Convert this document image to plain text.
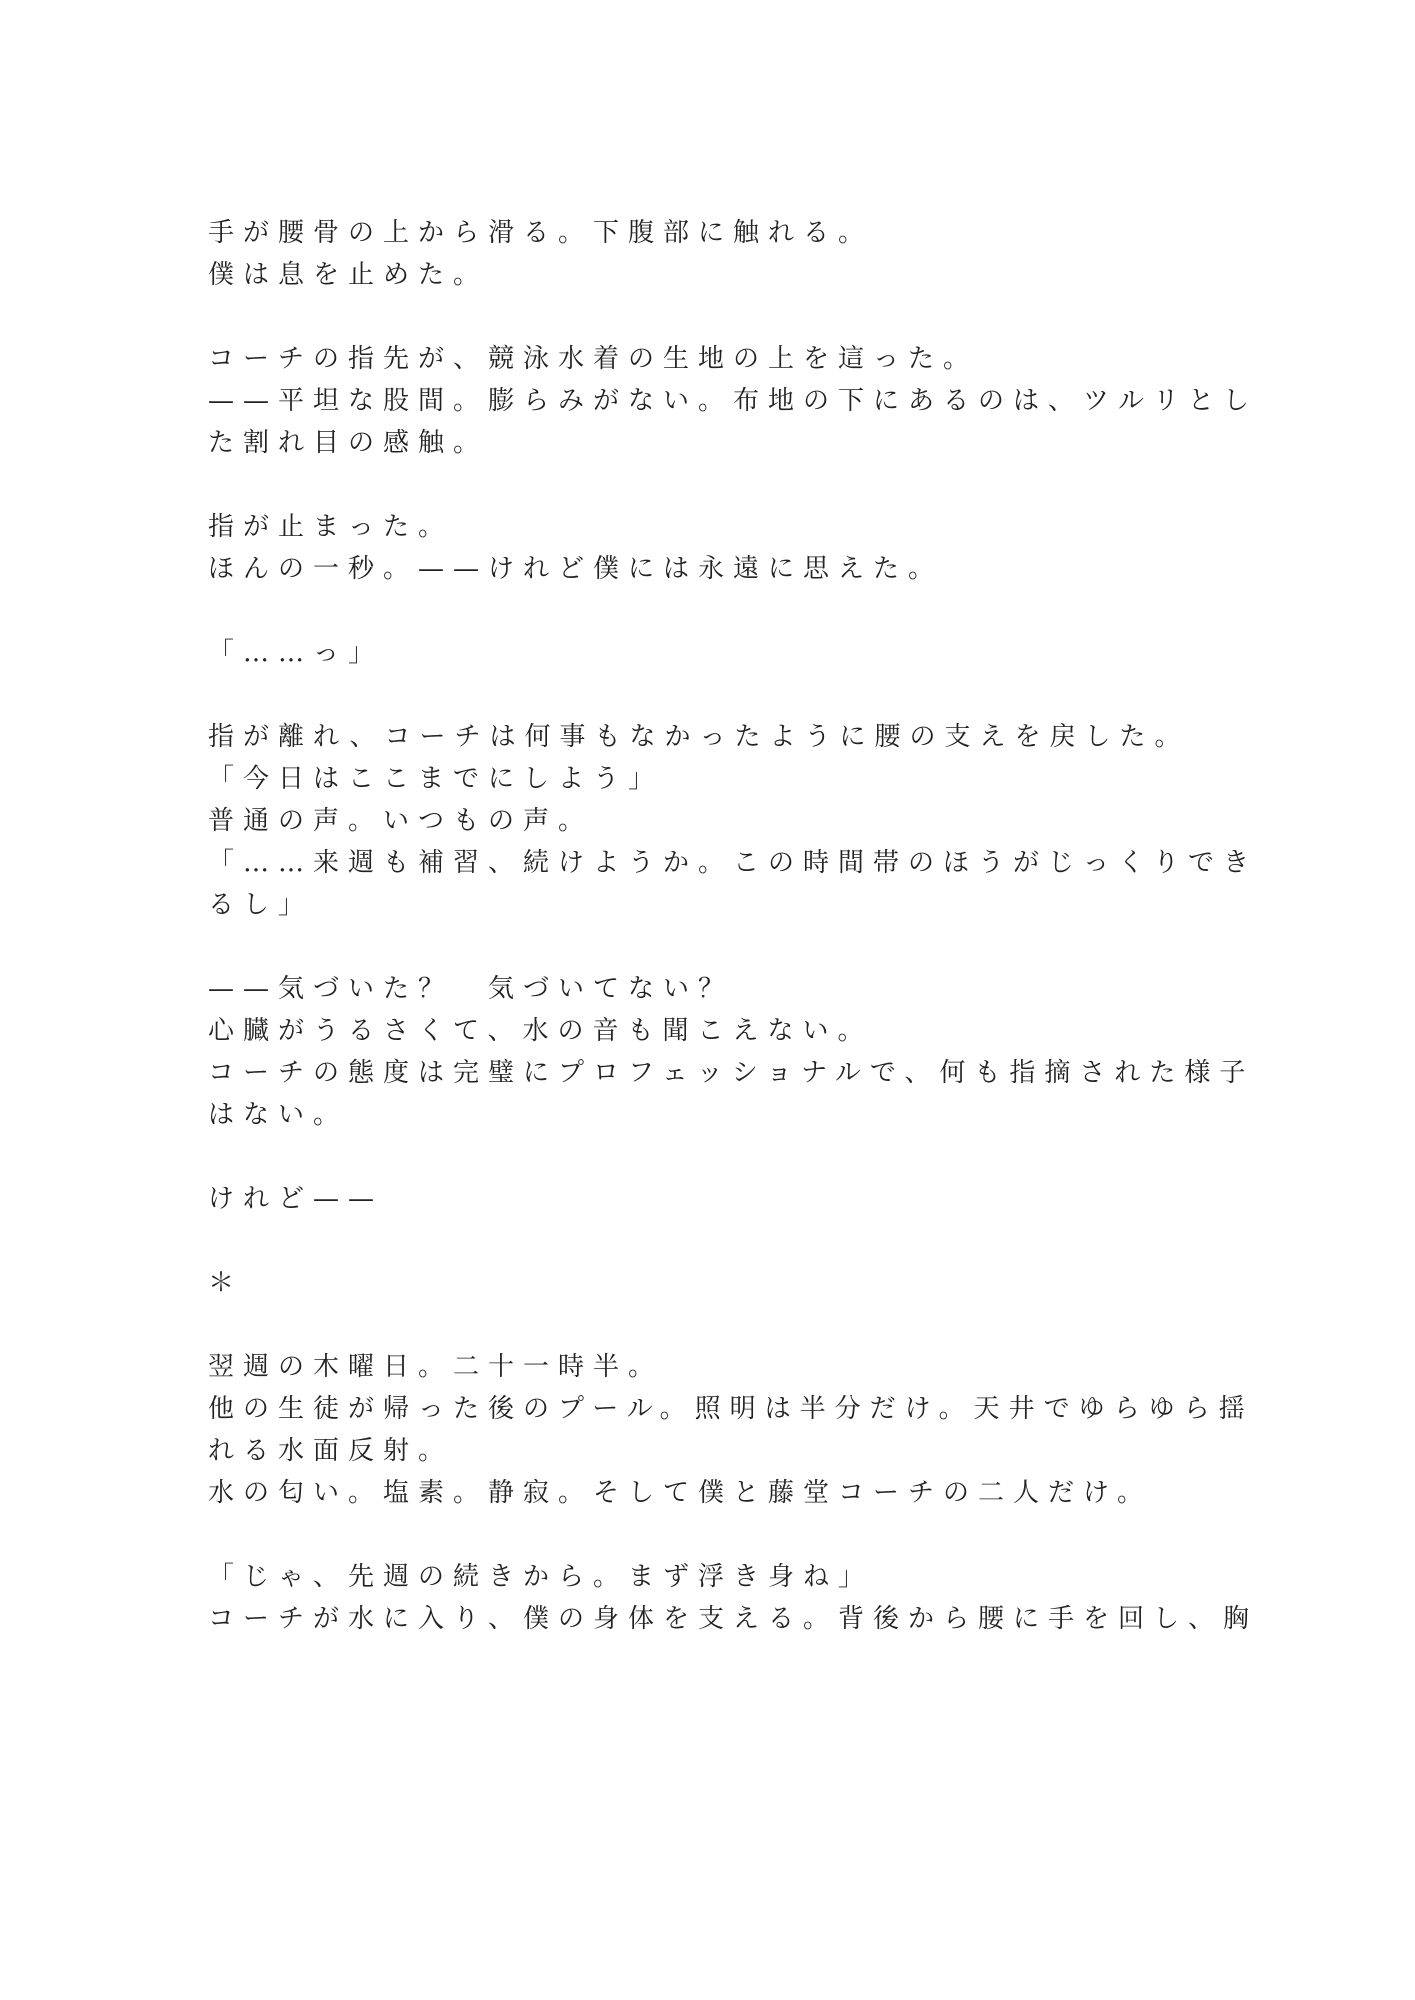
手が腰骨の上から滑る。下腹部に触れる。
僕は息を止めた。
コーチの指先が、競泳水着の生地の上を這った。
——平坦な股間。膨らみがない。布地の下にあるのは、ツルリとし
た割れ目の感触。
指が止まった。
ほんの一秒。——けれど僕には永遠に思えた。
「……っ」
指が離れ、コーチは何事もなかったように腰の支えを戻した。
「今日はここまでにしよう」
普通の声。いつもの声。
「……来週も補習、続けようか。この時間帯のほうがじっくりでき
るし」
——気づいた？　気づいてない？
心臓がうるさくて、水の音も聞こえない。
コーチの態度は完璧にプロフェッショナルで、何も指摘された様子
はない。
けれど——
＊
翌週の木曜日。二十一時半。
他の生徒が帰った後のプール。照明は半分だけ。天井でゆらゆら揺
れる水面反射。
水の匂い。塩素。静寂。そして僕と藤堂コーチの二人だけ。
「じゃ、先週の続きから。まず浮き身ね」
コーチが水に入り、僕の身体を支える。背後から腰に手を回し、胸
